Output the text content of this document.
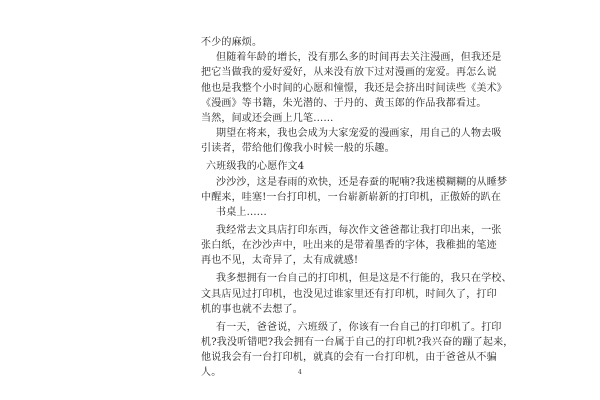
不少的麻烦。
但随着年龄的增长，没有那么多的时间再去关注漫画，但我还是
把它当做我的爱好爱好，从来没有放下过对漫画的宠爱。再怎么说
他也是我整个小时间的心愿和憧憬，我还是会挤出时间读些《美术》
《漫画》等书籍，朱光潜的、于丹的、黄玉郎的作品我都看过。
当然，间或还会画上几笔……
期望在将来，我也会成为大家宠爱的漫画家，用自己的人物去吸
引读者，带给他们像我小时候一般的乐趣。
六班级我的心愿作文4
沙沙沙，这是春雨的欢快，还是春蚕的呢喃?我迷模糊糊的从睡梦
中醒来，哇塞!一台打印机，一台崭新崭新的打印机，正傲娇的趴在
书桌上......
我经常去文具店打印东西，每次作文爸爸都让我打印出来，一张
张白纸，在沙沙声中，吐出来的是带着墨香的字体，我稚拙的笔迹
再也不见，太奇异了，太有成就感!
我多想拥有一台自己的打印机，但是这是不行能的，我只在学校、
文具店见过打印机，也没见过谁家里还有打印机，时间久了，打印
机的事也就不去想了。
有一天，爸爸说，六班级了，你该有一台自己的打印机了。打印
机?我没听错吧?我会拥有一台属于自己的打印机?我兴奋的蹦了起来，
他说我会有一台打印机，就真的会有一台打印机，由于爸爸从不骗
人。	4
